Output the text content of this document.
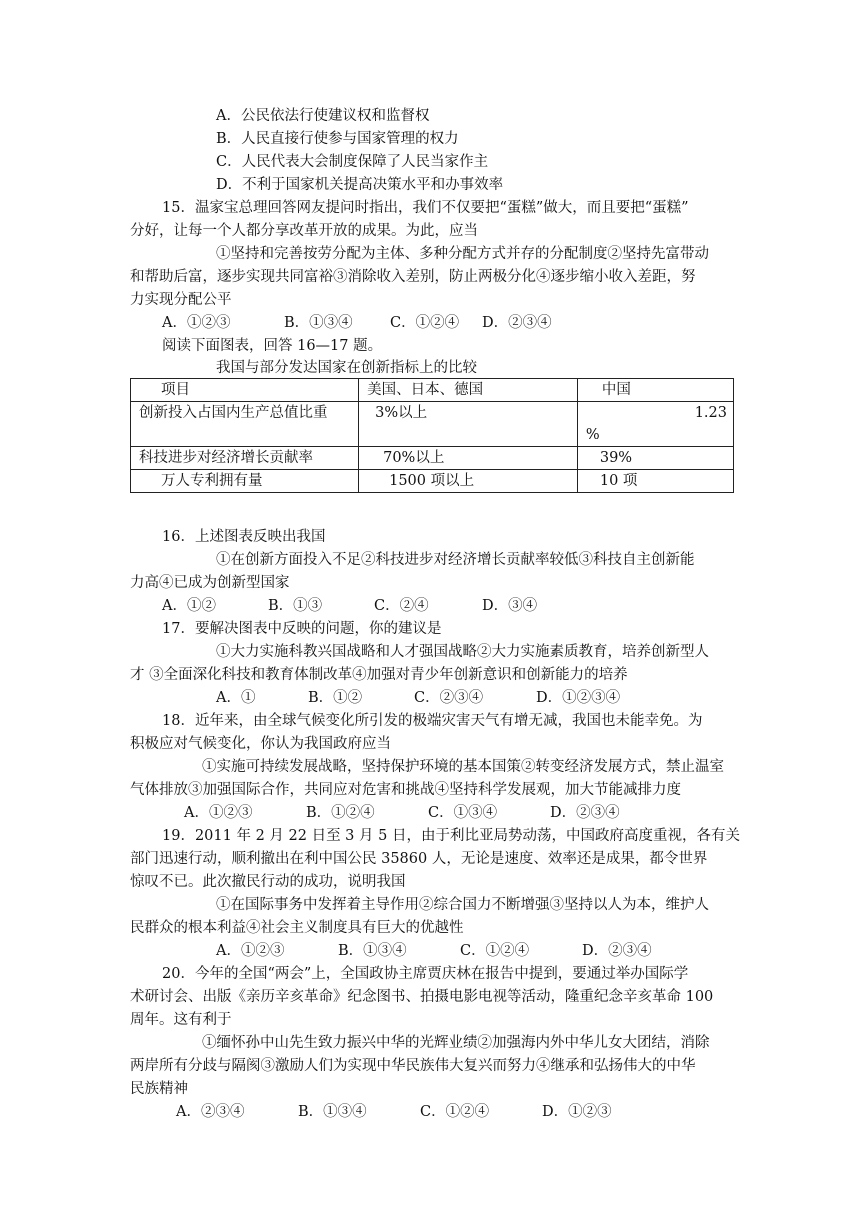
A．公民依法行使建议权和监督权
B．人民直接行使参与国家管理的权力
C．人民代表大会制度保障了人民当家作主
D．不利于国家机关提高决策水平和办事效率
15．温家宝总理回答网友提问时指出，我们不仅要把“蛋糕”做大，而且要把“蛋糕”
分好，让每一个人都分享改革开放的成果。为此，应当
①坚持和完善按劳分配为主体、多种分配方式并存的分配制度②坚持先富带动
和帮助后富，逐步实现共同富裕③消除收入差别，防止两极分化④逐步缩小收入差距，努
力实现分配公平
A．①②③	B．①③④	C．①②④ D．②③④
阅读下面图表，回答 16—17 题。
我国与部分发达国家在创新指标上的比较
项目	美国、日本、德国	中国
创新投入占国内生产总值比重	3%以上	1.23
%
科技进步对经济增长贡献率	70%以上	39%
万人专利拥有量	1500 项以上	10 项
16．上述图表反映出我国
①在创新方面投入不足②科技进步对经济增长贡献率较低③科技自主创新能
力高④已成为创新型国家
A．①②	B．①③	C．②④	D．③④
17．要解决图表中反映的问题，你的建议是
①大力实施科教兴国战略和人才强国战略②大力实施素质教育，培养创新型人
才 ③全面深化科技和教育体制改革④加强对青少年创新意识和创新能力的培养
A．①	B．①②	C．②③④	D．①②③④
18．近年来，由全球气候变化所引发的极端灾害天气有增无减，我国也未能幸免。为
积极应对气候变化，你认为我国政府应当
①实施可持续发展战略，坚持保护环境的基本国策②转变经济发展方式，禁止温室
气体排放③加强国际合作，共同应对危害和挑战④坚持科学发展观，加大节能减排力度
A．①②③	B．①②④	C．①③④	D．②③④
19．2011 年 2 月 22 日至 3 月 5 日，由于利比亚局势动荡，中国政府高度重视，各有关
部门迅速行动，顺利撤出在利中国公民 35860 人，无论是速度、效率还是成果，都令世界
惊叹不已。此次撤民行动的成功，说明我国
①在国际事务中发挥着主导作用②综合国力不断增强③坚持以人为本，维护人
民群众的根本利益④社会主义制度具有巨大的优越性
A．①②③	B．①③④	C．①②④	D．②③④
20．今年的全国“两会”上，全国政协主席贾庆林在报告中提到，要通过举办国际学
术研讨会、出版《亲历辛亥革命》纪念图书、拍摄电影电视等活动，隆重纪念辛亥革命 100
周年。这有利于
①缅怀孙中山先生致力振兴中华的光辉业绩②加强海内外中华儿女大团结，消除
两岸所有分歧与隔阂③激励人们为实现中华民族伟大复兴而努力④继承和弘扬伟大的中华
民族精神
A．②③④	B．①③④	C．①②④	D．①②③
